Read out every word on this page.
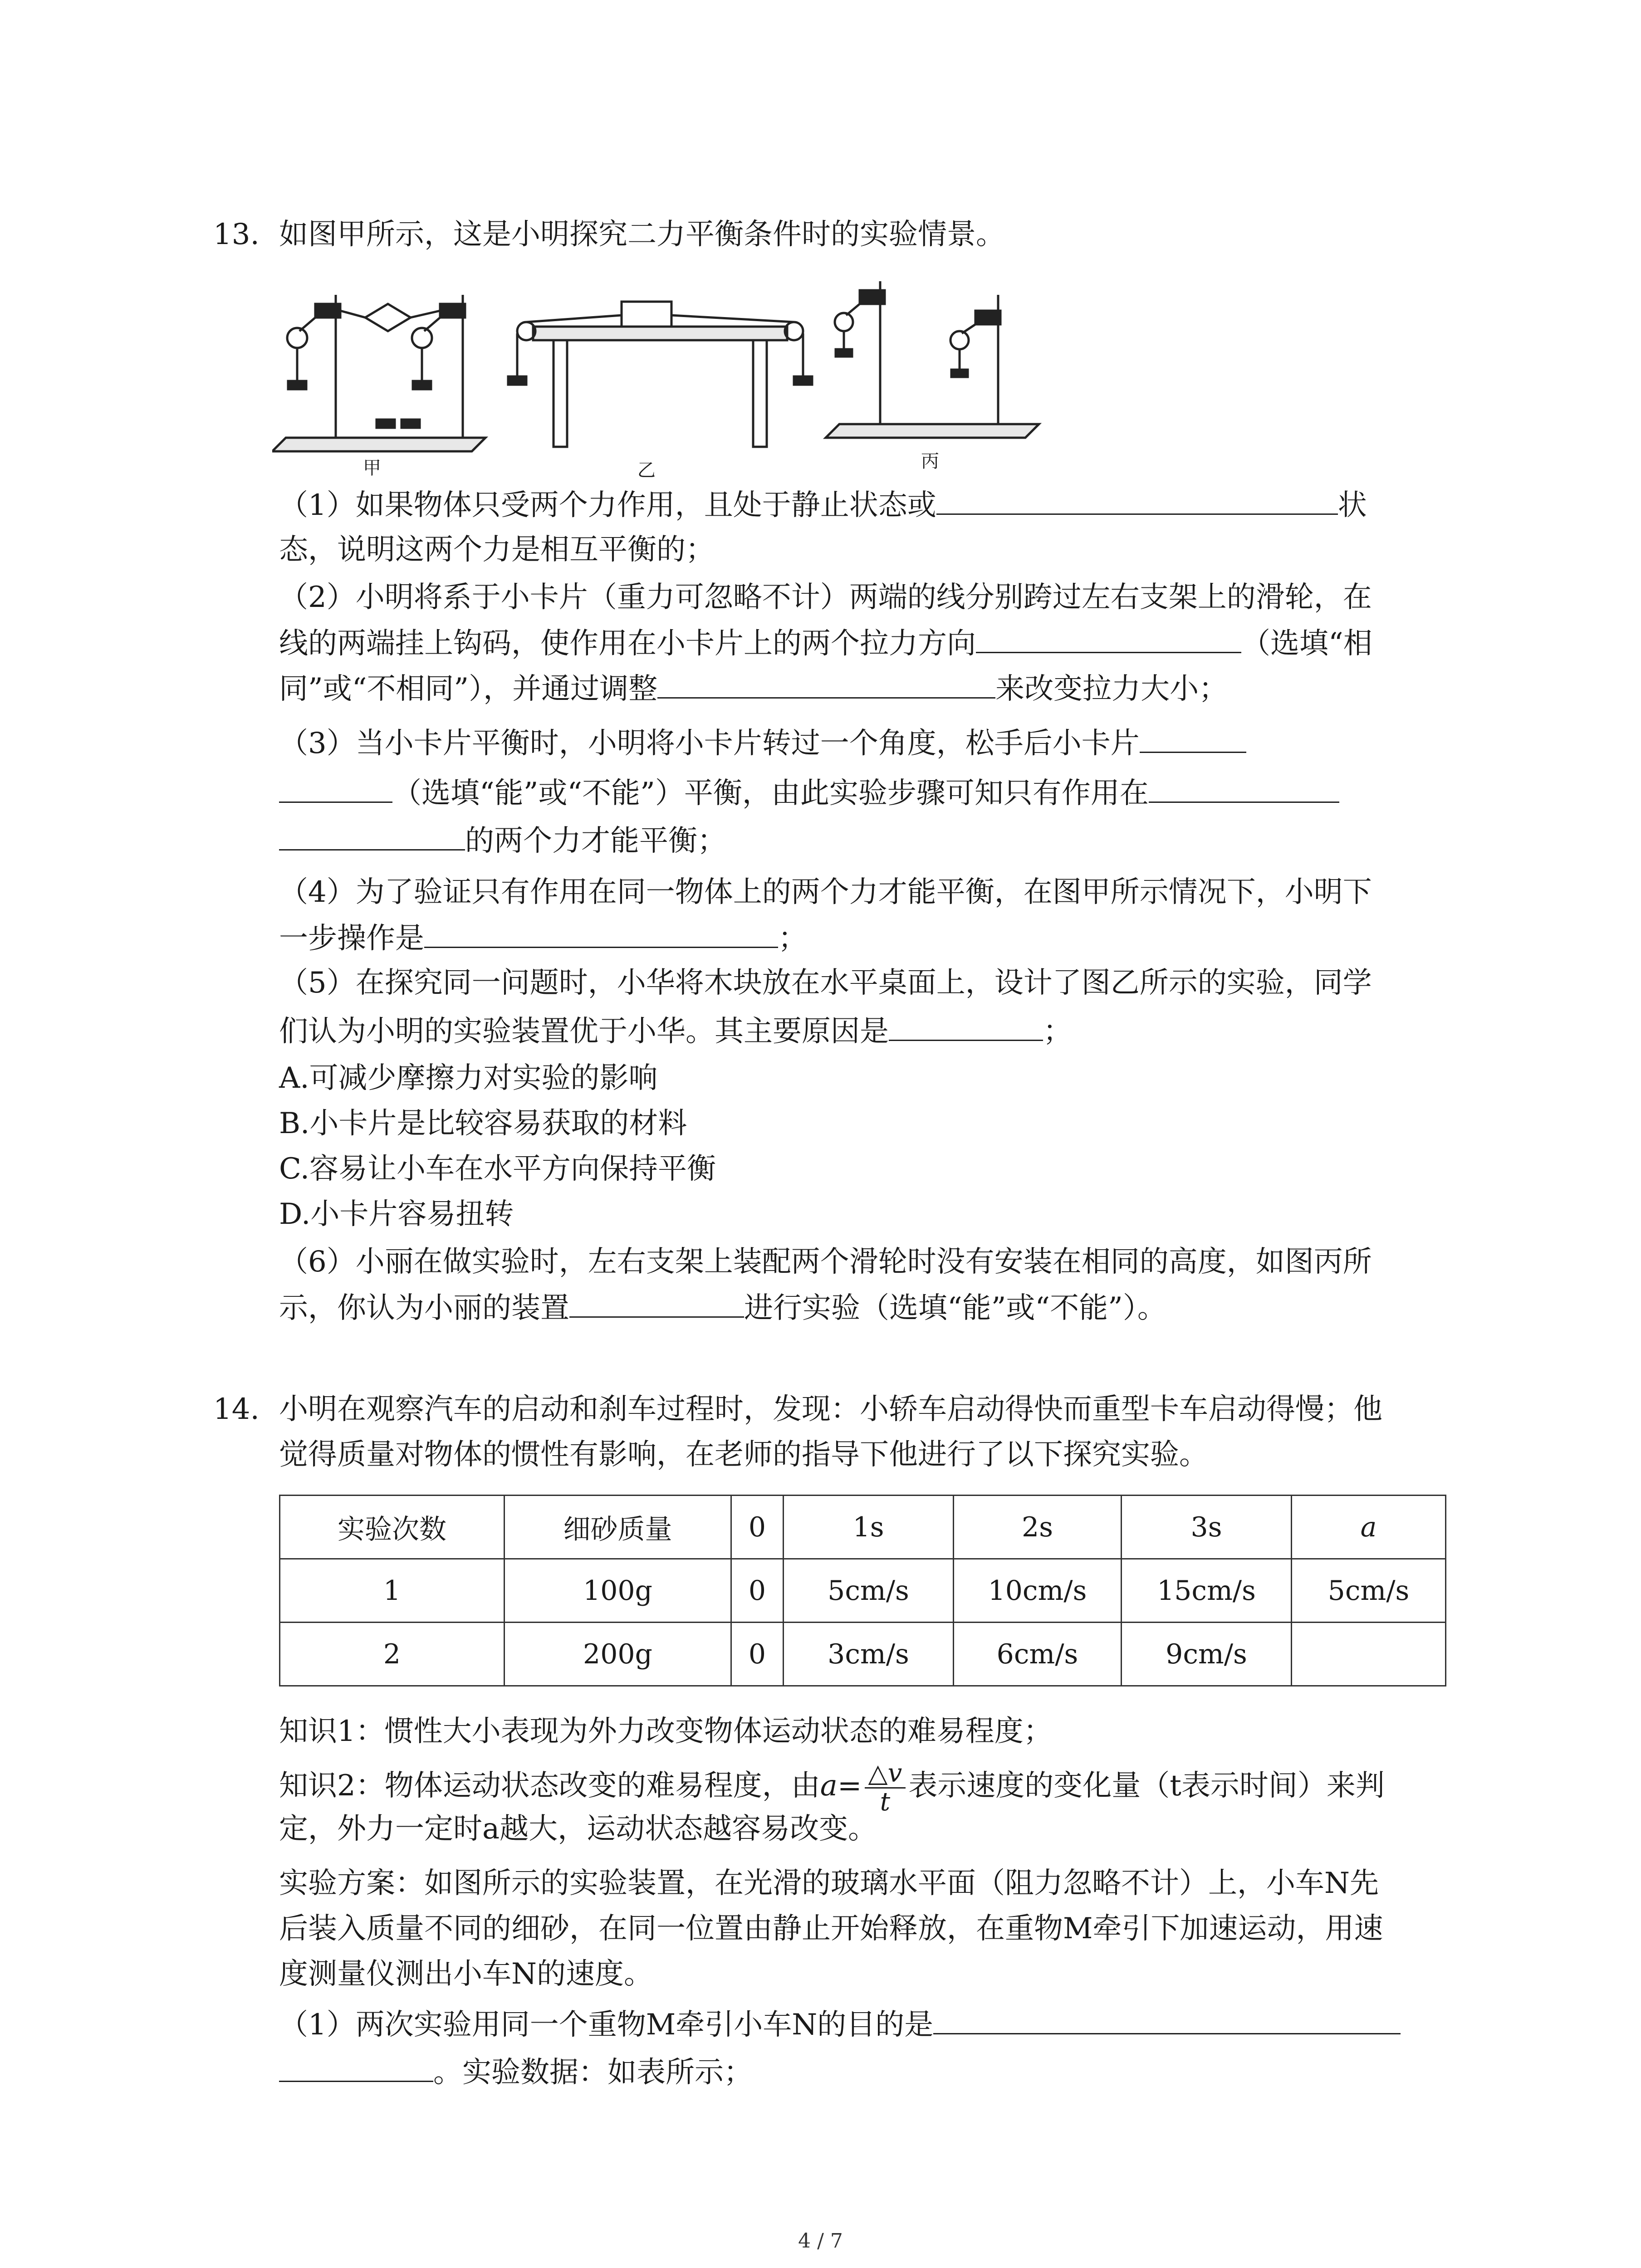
13. 如图甲所示，这是小明探究二力平衡条件时的实验情景。
甲	乙	丙
（1）如果物体只受两个力作用，且处于静止状态或	状
态，说明这两个力是相互平衡的；
（2）小明将系于小卡片（重力可忽略不计）两端的线分别跨过左右支架上的滑轮，在
线的两端挂上钩码，使作用在小卡片上的两个拉力方向	（选填“相
同”或“不相同”），并通过调整	来改变拉力大小；
（3）当小卡片平衡时，小明将小卡片转过一个角度，松手后小卡片
（选填“能”或“不能”）平衡，由此实验步骤可知只有作用在
的两个力才能平衡；
（4）为了验证只有作用在同一物体上的两个力才能平衡，在图甲所示情况下，小明下
一步操作是	；
（5）在探究同一问题时，小华将木块放在水平桌面上，设计了图乙所示的实验，同学
们认为小明的实验装置优于小华。其主要原因是	；
A.可减少摩擦力对实验的影响
B.小卡片是比较容易获取的材料
C.容易让小车在水平方向保持平衡
D.小卡片容易扭转
（6）小丽在做实验时，左右支架上装配两个滑轮时没有安装在相同的高度，如图丙所
示，你认为小丽的装置	进行实验（选填“能”或“不能”）。
14. 小明在观察汽车的启动和刹车过程时，发现：小轿车启动得快而重型卡车启动得慢；他
觉得质量对物体的惯性有影响，在老师的指导下他进行了以下探究实验。
实验次数	细砂质量	0	1s	2s	3s	a
1	100g	0	5cm/s	10cm/s	15cm/s	5cm/s
2	200g	0	3cm/s	6cm/s	9cm/s	
知识1：惯性大小表现为外力改变物体运动状态的难易程度；
知识2：物体运动状态改变的难易程度，由$a= \frac{\triangle v}{t}$ 表示速度的变化量（t表示时间）来判
定，外力一定时a越大，运动状态越容易改变。
实验方案：如图所示的实验装置，在光滑的玻璃水平面（阻力忽略不计）上，小车N先
后装入质量不同的细砂，在同一位置由静止开始释放，在重物M牵引下加速运动，用速
度测量仪测出小车N的速度。
（1）两次实验用同一个重物M牵引小车N的目的是
。实验数据：如表所示；
4 / 7
